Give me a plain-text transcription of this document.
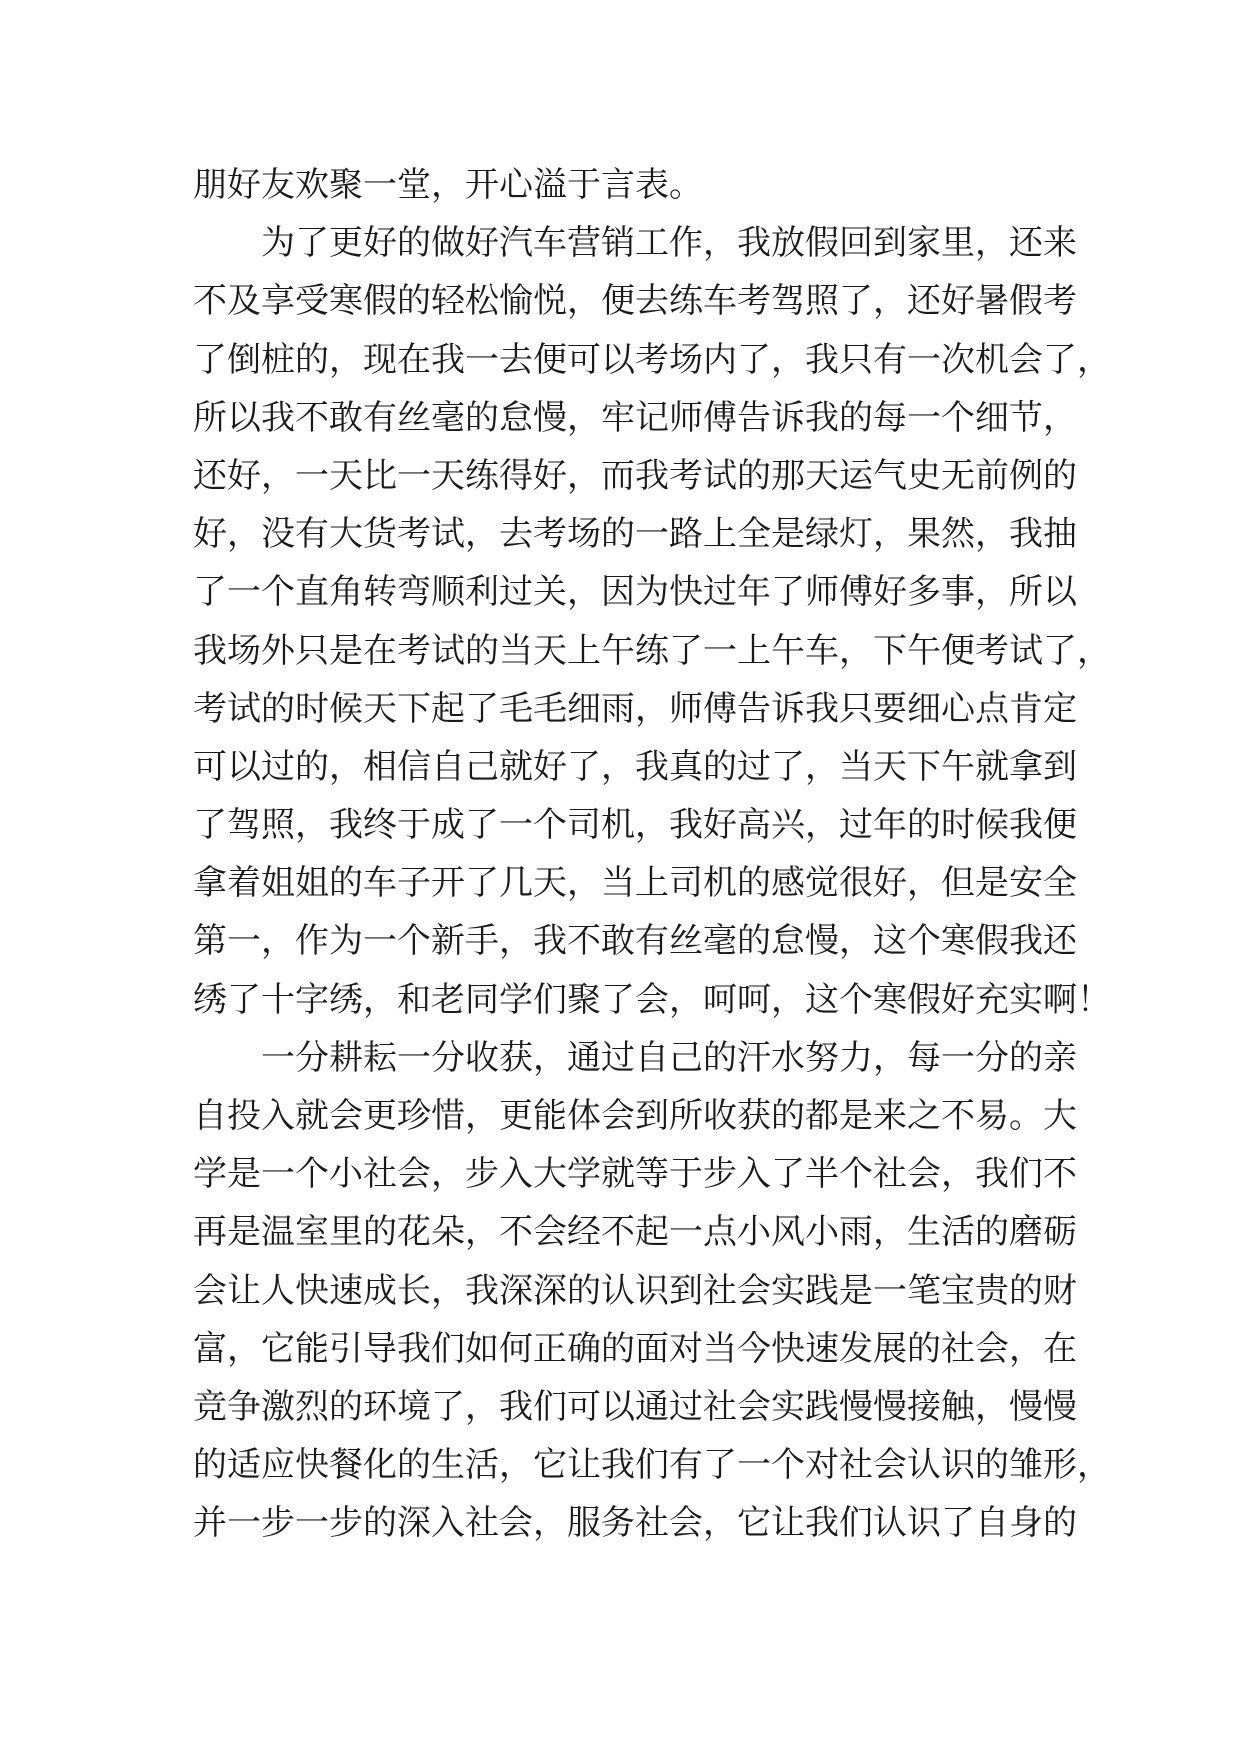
朋好友欢聚一堂，开心溢于言表。
为了更好的做好汽车营销工作，我放假回到家里，还来
不及享受寒假的轻松愉悦，便去练车考驾照了，还好暑假考
了倒桩的，现在我一去便可以考场内了，我只有一次机会了，
所以我不敢有丝毫的怠慢，牢记师傅告诉我的每一个细节，
还好，一天比一天练得好，而我考试的那天运气史无前例的
好，没有大货考试，去考场的一路上全是绿灯，果然，我抽
了一个直角转弯顺利过关，因为快过年了师傅好多事，所以
我场外只是在考试的当天上午练了一上午车，下午便考试了，
考试的时候天下起了毛毛细雨，师傅告诉我只要细心点肯定
可以过的，相信自己就好了，我真的过了，当天下午就拿到
了驾照，我终于成了一个司机，我好高兴，过年的时候我便
拿着姐姐的车子开了几天，当上司机的感觉很好，但是安全
第一，作为一个新手，我不敢有丝毫的怠慢，这个寒假我还
绣了十字绣，和老同学们聚了会，呵呵，这个寒假好充实啊！
一分耕耘一分收获，通过自己的汗水努力，每一分的亲
自投入就会更珍惜，更能体会到所收获的都是来之不易。大
学是一个小社会，步入大学就等于步入了半个社会，我们不
再是温室里的花朵，不会经不起一点小风小雨，生活的磨砺
会让人快速成长，我深深的认识到社会实践是一笔宝贵的财
富，它能引导我们如何正确的面对当今快速发展的社会，在
竞争激烈的环境了，我们可以通过社会实践慢慢接触，慢慢
的适应快餐化的生活，它让我们有了一个对社会认识的雏形，
并一步一步的深入社会，服务社会，它让我们认识了自身的
